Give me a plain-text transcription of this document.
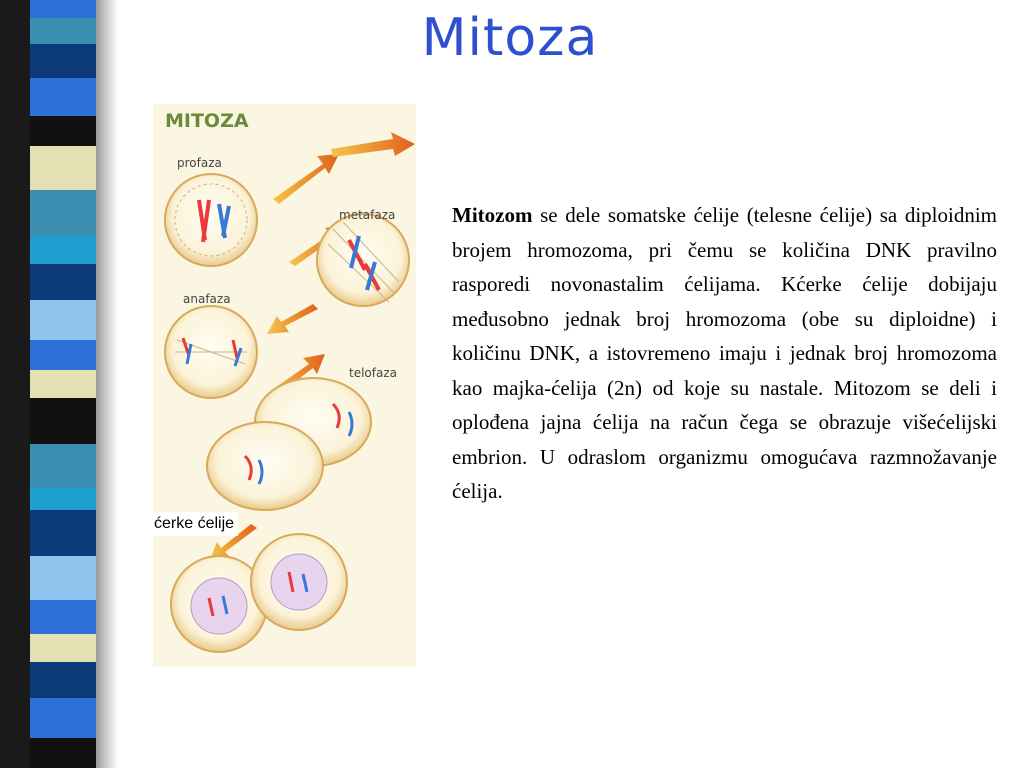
Mitoza
MITOZA
profaza
metafaza
anafaza
telofaza
ćerke ćelije
Mitozom se dele somatske ćelije (telesne ćelije) sa diploidnim brojem hromozoma, pri čemu se količina DNK pravilno rasporedi novonastalim ćelijama. Kćerke ćelije dobijaju međusobno jednak broj hromozoma (obe su diploidne) i količinu DNK, a istovremeno imaju i jednak broj hromozoma kao majka-ćelija (2n) od koje su nastale. Mitozom se deli i oplođena jajna ćelija na račun čega se obrazuje višećelijski embrion. U odraslom organizmu omogućava razmnožavanje ćelija.
